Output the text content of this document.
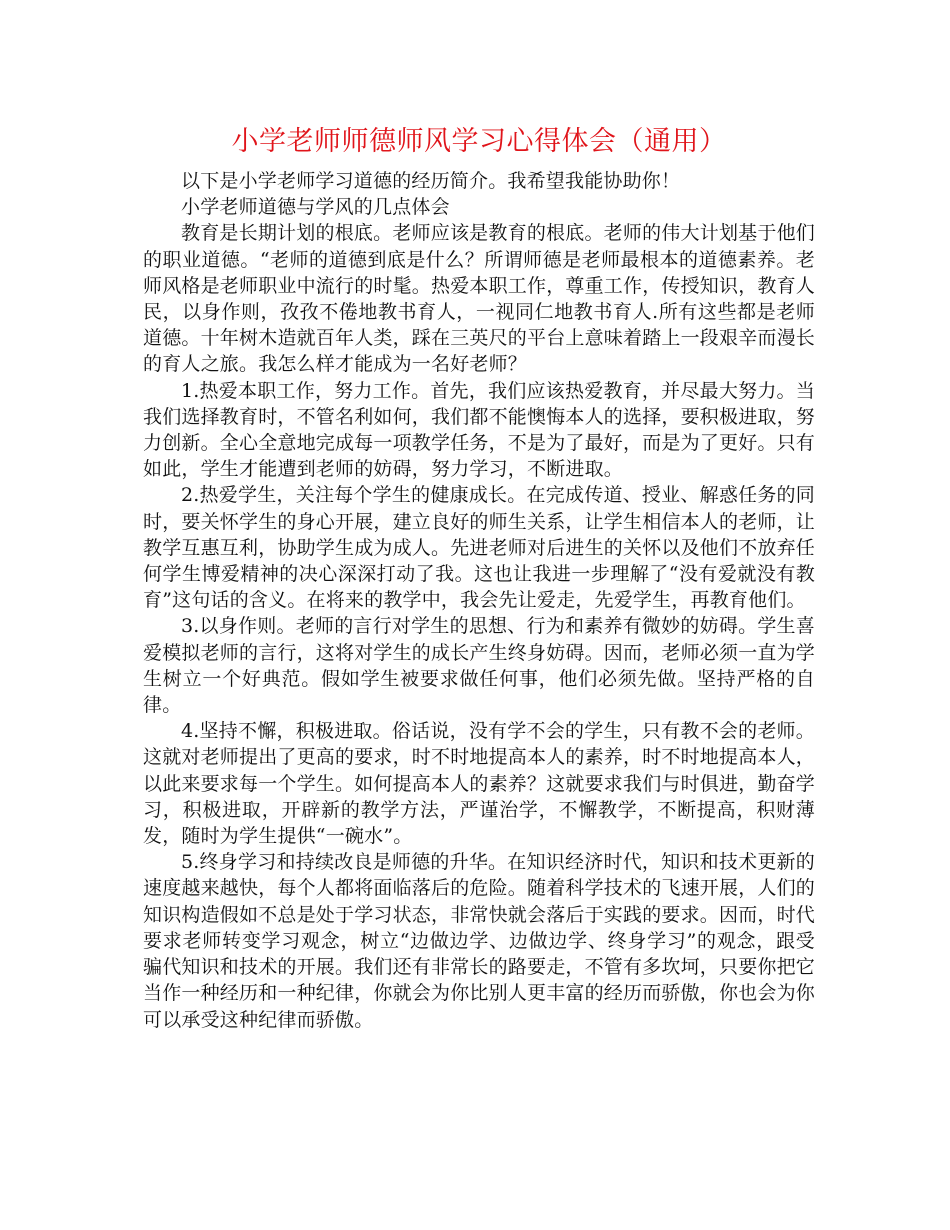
小学老师师德师风学习心得体会（通用）

以下是小学老师学习道德的经历简介。我希望我能协助你！

小学老师道德与学风的几点体会

教育是长期计划的根底。老师应该是教育的根底。老师的伟大计划基于他们的职业道德。“老师的道德到底是什么？所谓师德是老师最根本的道德素养。老师风格是老师职业中流行的时髦。热爱本职工作，尊重工作，传授知识，教育人民，以身作则，孜孜不倦地教书育人，一视同仁地教书育人.所有这些都是老师道德。十年树木造就百年人类，踩在三英尺的平台上意味着踏上一段艰辛而漫长的育人之旅。我怎么样才能成为一名好老师？

1.热爱本职工作，努力工作。首先，我们应该热爱教育，并尽最大努力。当我们选择教育时，不管名利如何，我们都不能懊悔本人的选择，要积极进取，努力创新。全心全意地完成每一项教学任务，不是为了最好，而是为了更好。只有如此，学生才能遭到老师的妨碍，努力学习，不断进取。

2.热爱学生，关注每个学生的健康成长。在完成传道、授业、解惑任务的同时，要关怀学生的身心开展，建立良好的师生关系，让学生相信本人的老师，让教学互惠互利，协助学生成为成人。先进老师对后进生的关怀以及他们不放弃任何学生博爱精神的决心深深打动了我。这也让我进一步理解了“没有爱就没有教育”这句话的含义。在将来的教学中，我会先让爱走，先爱学生，再教育他们。

3.以身作则。老师的言行对学生的思想、行为和素养有微妙的妨碍。学生喜爱模拟老师的言行，这将对学生的成长产生终身妨碍。因而，老师必须一直为学生树立一个好典范。假如学生被要求做任何事，他们必须先做。坚持严格的自律。

4.坚持不懈，积极进取。俗话说，没有学不会的学生，只有教不会的老师。这就对老师提出了更高的要求，时不时地提高本人的素养，时不时地提高本人，以此来要求每一个学生。如何提高本人的素养？这就要求我们与时俱进，勤奋学习，积极进取，开辟新的教学方法，严谨治学，不懈教学，不断提高，积财薄发，随时为学生提供“一碗水”。

5.终身学习和持续改良是师德的升华。在知识经济时代，知识和技术更新的速度越来越快，每个人都将面临落后的危险。随着科学技术的飞速开展，人们的知识构造假如不总是处于学习状态，非常快就会落后于实践的要求。因而，时代要求老师转变学习观念，树立“边做边学、边做边学、终身学习”的观念，跟受骗代知识和技术的开展。我们还有非常长的路要走，不管有多坎坷，只要你把它当作一种经历和一种纪律，你就会为你比别人更丰富的经历而骄傲，你也会为你可以承受这种纪律而骄傲。
